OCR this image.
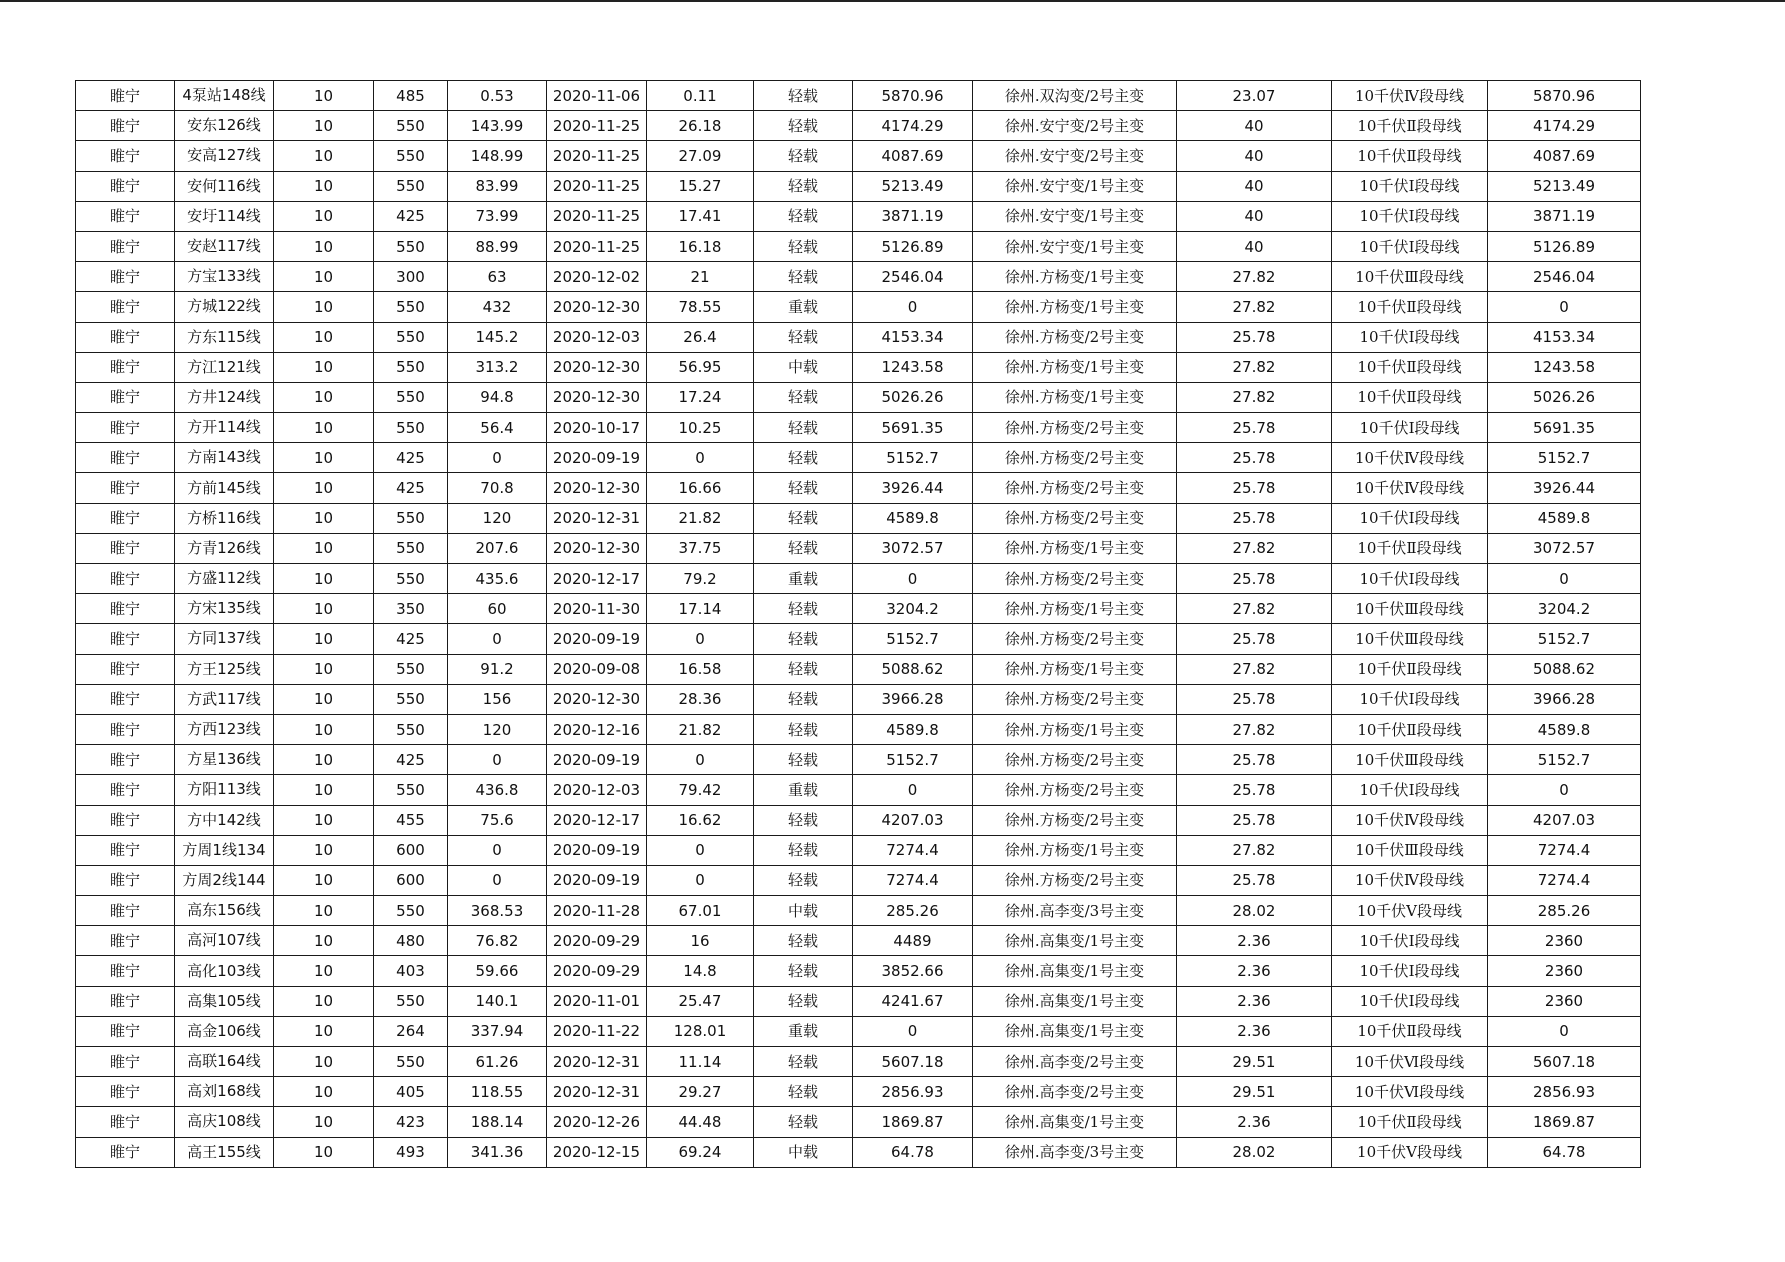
睢宁	4泵站148线	10	485	0.53	2020-11-06	0.11	轻载	5870.96	徐州.双沟变/2号主变	23.07	10千伏Ⅳ段母线	5870.96
睢宁	安东126线	10	550	143.99	2020-11-25	26.18	轻载	4174.29	徐州.安宁变/2号主变	40	10千伏Ⅱ段母线	4174.29
睢宁	安高127线	10	550	148.99	2020-11-25	27.09	轻载	4087.69	徐州.安宁变/2号主变	40	10千伏Ⅱ段母线	4087.69
睢宁	安何116线	10	550	83.99	2020-11-25	15.27	轻载	5213.49	徐州.安宁变/1号主变	40	10千伏Ⅰ段母线	5213.49
睢宁	安圩114线	10	425	73.99	2020-11-25	17.41	轻载	3871.19	徐州.安宁变/1号主变	40	10千伏Ⅰ段母线	3871.19
睢宁	安赵117线	10	550	88.99	2020-11-25	16.18	轻载	5126.89	徐州.安宁变/1号主变	40	10千伏Ⅰ段母线	5126.89
睢宁	方宝133线	10	300	63	2020-12-02	21	轻载	2546.04	徐州.方杨变/1号主变	27.82	10千伏Ⅲ段母线	2546.04
睢宁	方城122线	10	550	432	2020-12-30	78.55	重载	0	徐州.方杨变/1号主变	27.82	10千伏Ⅱ段母线	0
睢宁	方东115线	10	550	145.2	2020-12-03	26.4	轻载	4153.34	徐州.方杨变/2号主变	25.78	10千伏Ⅰ段母线	4153.34
睢宁	方江121线	10	550	313.2	2020-12-30	56.95	中载	1243.58	徐州.方杨变/1号主变	27.82	10千伏Ⅱ段母线	1243.58
睢宁	方井124线	10	550	94.8	2020-12-30	17.24	轻载	5026.26	徐州.方杨变/1号主变	27.82	10千伏Ⅱ段母线	5026.26
睢宁	方开114线	10	550	56.4	2020-10-17	10.25	轻载	5691.35	徐州.方杨变/2号主变	25.78	10千伏Ⅰ段母线	5691.35
睢宁	方南143线	10	425	0	2020-09-19	0	轻载	5152.7	徐州.方杨变/2号主变	25.78	10千伏Ⅳ段母线	5152.7
睢宁	方前145线	10	425	70.8	2020-12-30	16.66	轻载	3926.44	徐州.方杨变/2号主变	25.78	10千伏Ⅳ段母线	3926.44
睢宁	方桥116线	10	550	120	2020-12-31	21.82	轻载	4589.8	徐州.方杨变/2号主变	25.78	10千伏Ⅰ段母线	4589.8
睢宁	方青126线	10	550	207.6	2020-12-30	37.75	轻载	3072.57	徐州.方杨变/1号主变	27.82	10千伏Ⅱ段母线	3072.57
睢宁	方盛112线	10	550	435.6	2020-12-17	79.2	重载	0	徐州.方杨变/2号主变	25.78	10千伏Ⅰ段母线	0
睢宁	方宋135线	10	350	60	2020-11-30	17.14	轻载	3204.2	徐州.方杨变/1号主变	27.82	10千伏Ⅲ段母线	3204.2
睢宁	方同137线	10	425	0	2020-09-19	0	轻载	5152.7	徐州.方杨变/2号主变	25.78	10千伏Ⅲ段母线	5152.7
睢宁	方王125线	10	550	91.2	2020-09-08	16.58	轻载	5088.62	徐州.方杨变/1号主变	27.82	10千伏Ⅱ段母线	5088.62
睢宁	方武117线	10	550	156	2020-12-30	28.36	轻载	3966.28	徐州.方杨变/2号主变	25.78	10千伏Ⅰ段母线	3966.28
睢宁	方西123线	10	550	120	2020-12-16	21.82	轻载	4589.8	徐州.方杨变/1号主变	27.82	10千伏Ⅱ段母线	4589.8
睢宁	方星136线	10	425	0	2020-09-19	0	轻载	5152.7	徐州.方杨变/2号主变	25.78	10千伏Ⅲ段母线	5152.7
睢宁	方阳113线	10	550	436.8	2020-12-03	79.42	重载	0	徐州.方杨变/2号主变	25.78	10千伏Ⅰ段母线	0
睢宁	方中142线	10	455	75.6	2020-12-17	16.62	轻载	4207.03	徐州.方杨变/2号主变	25.78	10千伏Ⅳ段母线	4207.03
睢宁	方周1线134	10	600	0	2020-09-19	0	轻载	7274.4	徐州.方杨变/1号主变	27.82	10千伏Ⅲ段母线	7274.4
睢宁	方周2线144	10	600	0	2020-09-19	0	轻载	7274.4	徐州.方杨变/2号主变	25.78	10千伏Ⅳ段母线	7274.4
睢宁	高东156线	10	550	368.53	2020-11-28	67.01	中载	285.26	徐州.高李变/3号主变	28.02	10千伏Ⅴ段母线	285.26
睢宁	高河107线	10	480	76.82	2020-09-29	16	轻载	4489	徐州.高集变/1号主变	2.36	10千伏Ⅰ段母线	2360
睢宁	高化103线	10	403	59.66	2020-09-29	14.8	轻载	3852.66	徐州.高集变/1号主变	2.36	10千伏Ⅰ段母线	2360
睢宁	高集105线	10	550	140.1	2020-11-01	25.47	轻载	4241.67	徐州.高集变/1号主变	2.36	10千伏Ⅰ段母线	2360
睢宁	高金106线	10	264	337.94	2020-11-22	128.01	重载	0	徐州.高集变/1号主变	2.36	10千伏Ⅱ段母线	0
睢宁	高联164线	10	550	61.26	2020-12-31	11.14	轻载	5607.18	徐州.高李变/2号主变	29.51	10千伏Ⅵ段母线	5607.18
睢宁	高刘168线	10	405	118.55	2020-12-31	29.27	轻载	2856.93	徐州.高李变/2号主变	29.51	10千伏Ⅵ段母线	2856.93
睢宁	高庆108线	10	423	188.14	2020-12-26	44.48	轻载	1869.87	徐州.高集变/1号主变	2.36	10千伏Ⅱ段母线	1869.87
睢宁	高王155线	10	493	341.36	2020-12-15	69.24	中载	64.78	徐州.高李变/3号主变	28.02	10千伏Ⅴ段母线	64.78
